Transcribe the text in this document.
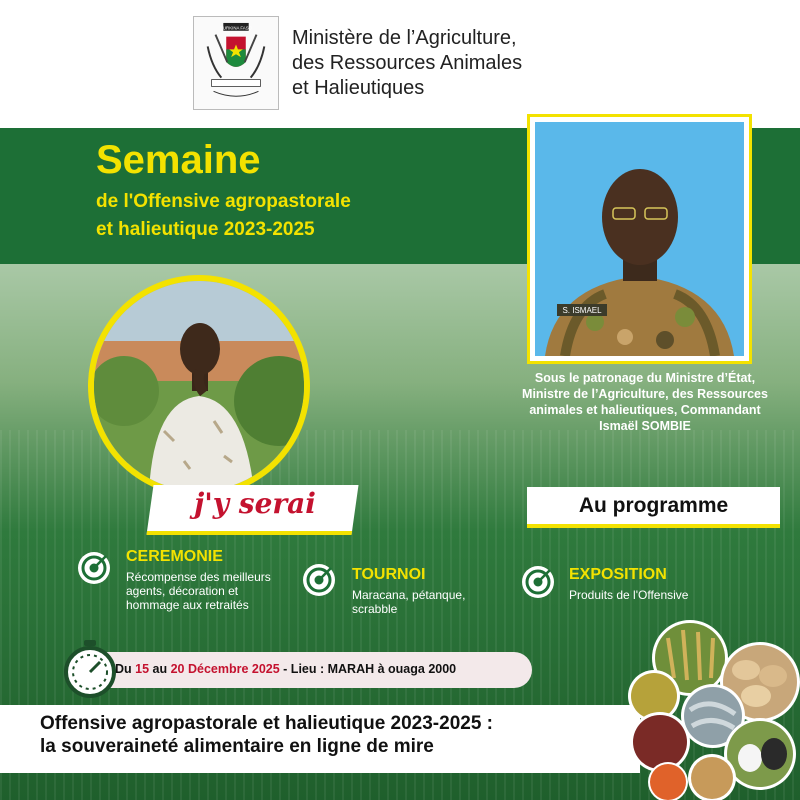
BURKINA FASO Ministère de l’Agriculture,
des Ressources Animales
et Halieutiques
Semaine
de l'Offensive agropastorale
et halieutique 2023-2025
S. ISMAEL
Sous le patronage du Ministre d’État,
Ministre de l’Agriculture, des Ressources
animales et halieutiques, Commandant
Ismaël SOMBIE
j'y serai	Au programme
CEREMONIE
Récompense des meilleurs
agents, décoration et
hommage aux retraités
TOURNOI
Maracana, pétanque,
scrabble
EXPOSITION
Produits de l'Offensive
Du 15 au 20 Décembre 2025 - Lieu : MARAH à ouaga 2000
Offensive agropastorale et halieutique 2023-2025 :
la souveraineté alimentaire en ligne de mire
